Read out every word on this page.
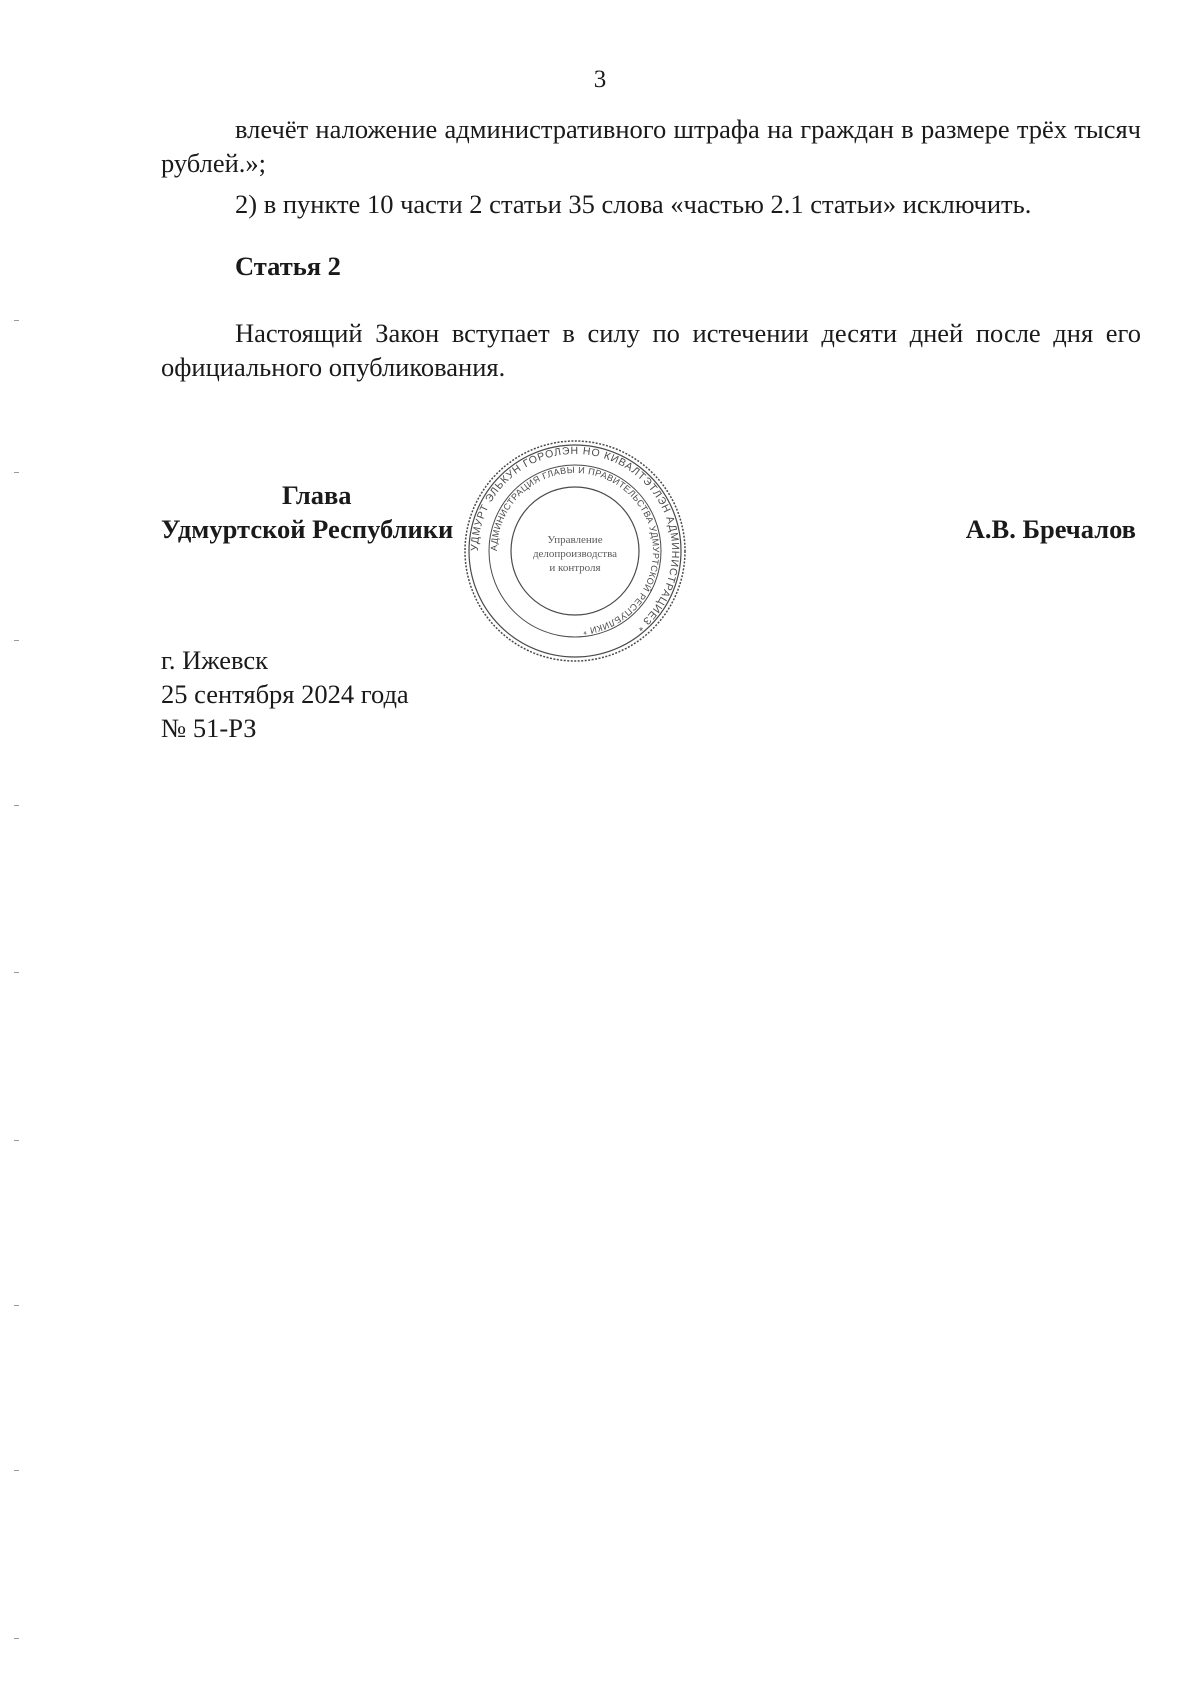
3
влечёт наложение административного штрафа на граждан в размере трёх тысяч рублей.»;
2) в пункте 10 части 2 статьи 35 слова «частью 2.1 статьи» исключить.
Статья 2
Настоящий Закон вступает в силу по истечении десяти дней после дня его официального опубликования.
Глава
Удмуртской Республики	А.В. Бречалов
УДМУРТ ЭЛЬКУН ГОРОЛЭН НО КИВАЛТЭТЛЭН АДМИНИСТРАЦИЕЗ *
АДМИНИСТРАЦИЯ ГЛАВЫ И ПРАВИТЕЛЬСТВА УДМУРТСКОЙ РЕСПУБЛИКИ *
Управление
делопроизводства
и контроля
г. Ижевск
25 сентября 2024 года
№ 51-РЗ
